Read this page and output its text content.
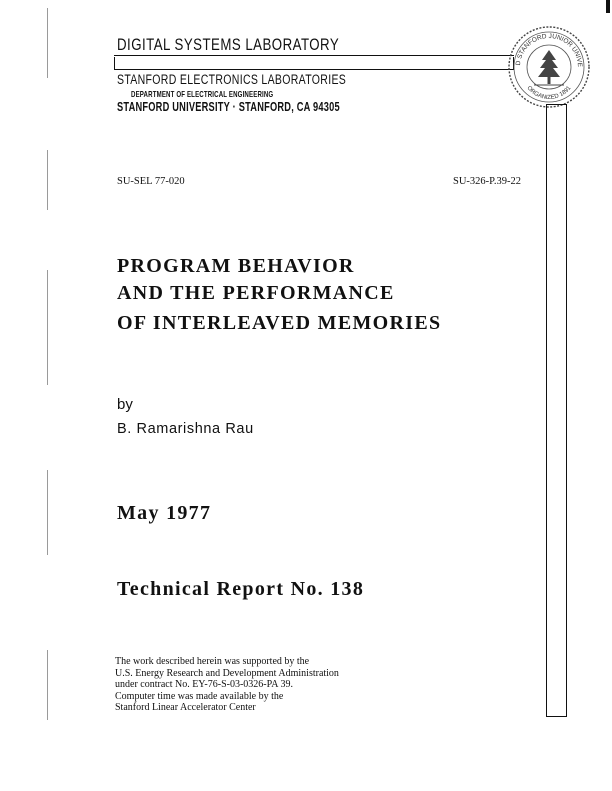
DIGITAL SYSTEMS LABORATORY
STANFORD ELECTRONICS LABORATORIES
DEPARTMENT OF ELECTRICAL ENGINEERING
STANFORD UNIVERSITY · STANFORD, CA 94305
D STANFORD JUNIOR UNIVE
ORGANIZED 1891
SU-SEL 77-020	SU-326-P.39-22
PROGRAM BEHAVIOR
AND THE PERFORMANCE
OF INTERLEAVED MEMORIES
by
B. Ramarishna Rau
May 1977
Technical Report No. 138
The work described herein was supported by the
U.S. Energy Research and Development Administration
under contract No. EY-76-S-03-0326-PA 39.
Computer time was made available by the
Stanford Linear Accelerator Center
